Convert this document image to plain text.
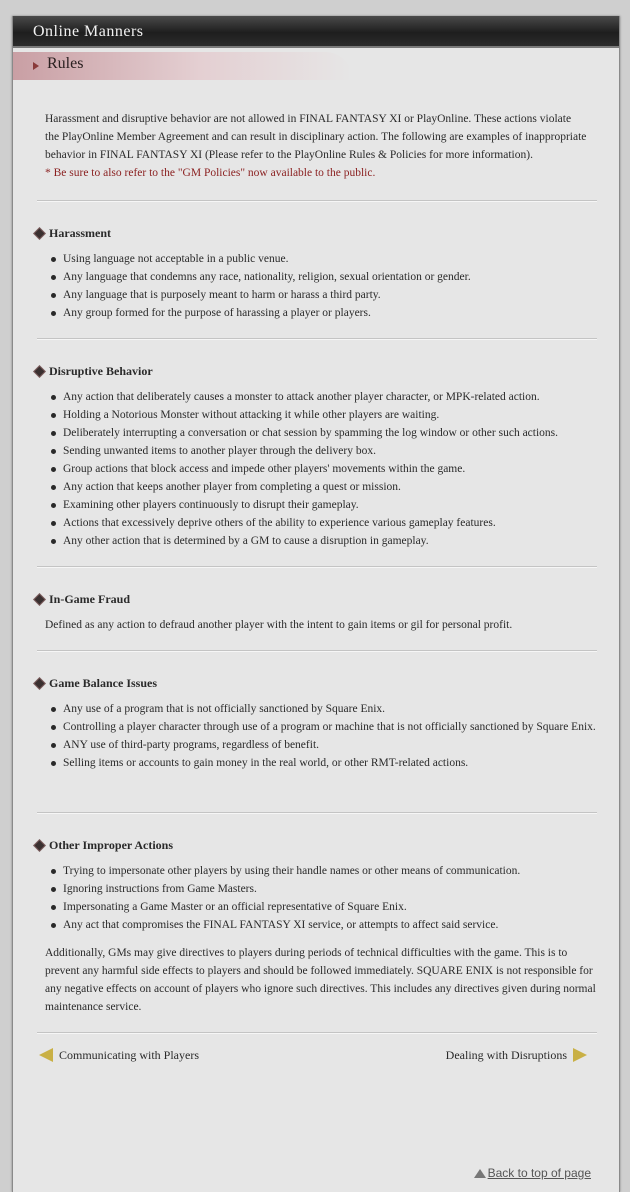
Online Manners
Rules
Harassment and disruptive behavior are not allowed in FINAL FANTASY XI or PlayOnline. These actions violate the PlayOnline Member Agreement and can result in disciplinary action. The following are examples of inappropriate behavior in FINAL FANTASY XI (Please refer to the PlayOnline Rules & Policies for more information).
* Be sure to also refer to the "GM Policies" now available to the public.
Harassment
Using language not acceptable in a public venue.
Any language that condemns any race, nationality, religion, sexual orientation or gender.
Any language that is purposely meant to harm or harass a third party.
Any group formed for the purpose of harassing a player or players.
Disruptive Behavior
Any action that deliberately causes a monster to attack another player character, or MPK-related action.
Holding a Notorious Monster without attacking it while other players are waiting.
Deliberately interrupting a conversation or chat session by spamming the log window or other such actions.
Sending unwanted items to another player through the delivery box.
Group actions that block access and impede other players' movements within the game.
Any action that keeps another player from completing a quest or mission.
Examining other players continuously to disrupt their gameplay.
Actions that excessively deprive others of the ability to experience various gameplay features.
Any other action that is determined by a GM to cause a disruption in gameplay.
In-Game Fraud

Defined as any action to defraud another player with the intent to gain items or gil for personal profit.

Game Balance Issues
Any use of a program that is not officially sanctioned by Square Enix.
Controlling a player character through use of a program or machine that is not officially sanctioned by Square Enix.
ANY use of third-party programs, regardless of benefit.
Selling items or accounts to gain money in the real world, or other RMT-related actions.
Other Improper Actions
Trying to impersonate other players by using their handle names or other means of communication.
Ignoring instructions from Game Masters.
Impersonating a Game Master or an official representative of Square Enix.
Any act that compromises the FINAL FANTASY XI service, or attempts to affect said service.

Additionally, GMs may give directives to players during periods of technical difficulties with the game. This is to prevent any harmful side effects to players and should be followed immediately. SQUARE ENIX is not responsible for any negative effects on account of players who ignore such directives. This includes any directives given during normal maintenance service.

Communicating with Players	Dealing with Disruptions
Back to top of page
